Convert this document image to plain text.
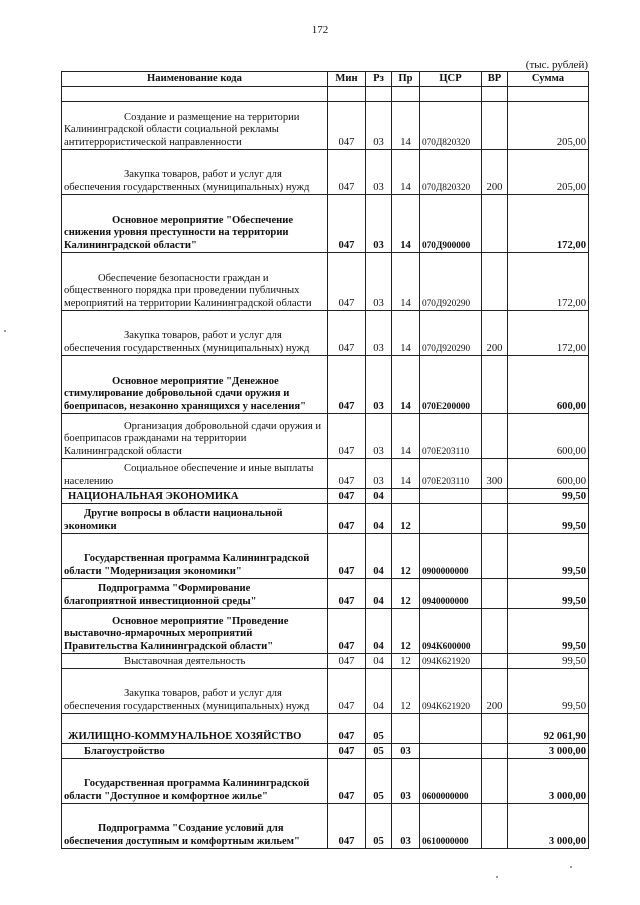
172
(тыс. рублей)
Наименование кода	Мин	Рз	Пр	ЦСР	ВР	Сумма

Создание и размещение на территории Калининградской области социальной рекламы антитеррористической направленности	047	03	14	070Д820320		205,00
Закупка товаров, работ и услуг для обеспечения государственных (муниципальных) нужд	047	03	14	070Д820320	200	205,00
Основное мероприятие "Обеспечение снижения уровня преступности на территории Калининградской области"	047	03	14	070Д900000		172,00
Обеспечение безопасности граждан и общественного порядка при проведении публичных мероприятий на территории Калининградской области	047	03	14	070Д920290		172,00
Закупка товаров, работ и услуг для обеспечения государственных (муниципальных) нужд	047	03	14	070Д920290	200	172,00
Основное мероприятие "Денежное стимулирование добровольной сдачи оружия и боеприпасов, незаконно хранящихся у населения"	047	03	14	070Е200000		600,00
Организация добровольной сдачи оружия и боеприпасов гражданами на территории Калининградской области	047	03	14	070Е203110		600,00
Социальное обеспечение и иные выплаты населению	047	03	14	070Е203110	300	600,00
НАЦИОНАЛЬНАЯ ЭКОНОМИКА	047	04				99,50
Другие вопросы в области национальной экономики	047	04	12			99,50
Государственная программа Калининградской области "Модернизация экономики"	047	04	12	0900000000		99,50
Подпрограмма "Формирование благоприятной инвестиционной среды"	047	04	12	0940000000		99,50
Основное мероприятие "Проведение выставочно-ярмарочных мероприятий Правительства Калининградской области"	047	04	12	094К600000		99,50
Выставочная деятельность	047	04	12	094К621920		99,50
Закупка товаров, работ и услуг для обеспечения государственных (муниципальных) нужд	047	04	12	094К621920	200	99,50
ЖИЛИЩНО-КОММУНАЛЬНОЕ ХОЗЯЙСТВО	047	05				92 061,90
Благоустройство	047	05	03			3 000,00
Государственная программа Калининградской области "Доступное и комфортное жилье"	047	05	03	0600000000		3 000,00
Подпрограмма "Создание условий для обеспечения доступным и комфортным жильем"	047	05	03	0610000000		3 000,00
